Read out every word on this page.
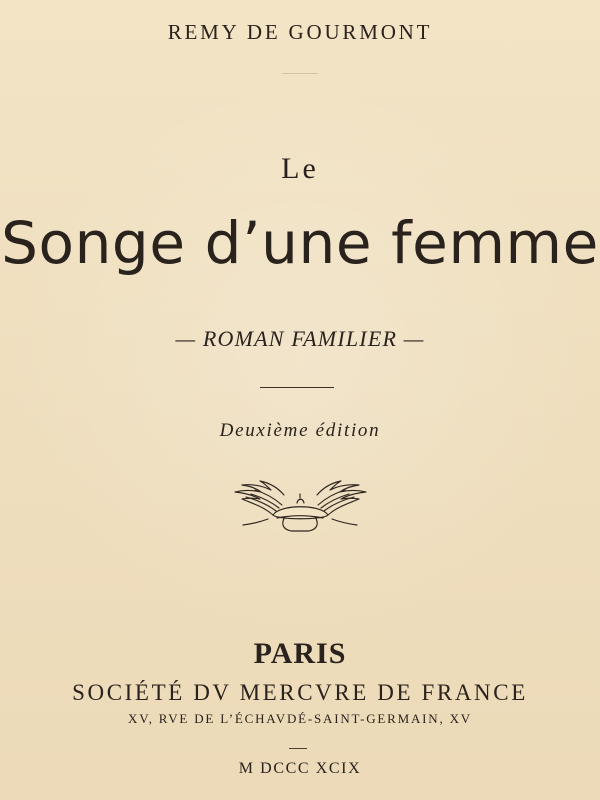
REMY DE GOURMONT
Le
Songe d’une femme
— ROMAN FAMILIER —
Deuxième édition
PARIS
SOCIÉTÉ DV MERCVRE DE FRANCE
XV, RVE DE L’ÉCHAVDÉ-SAINT-GERMAIN, XV
M DCCC XCIX
